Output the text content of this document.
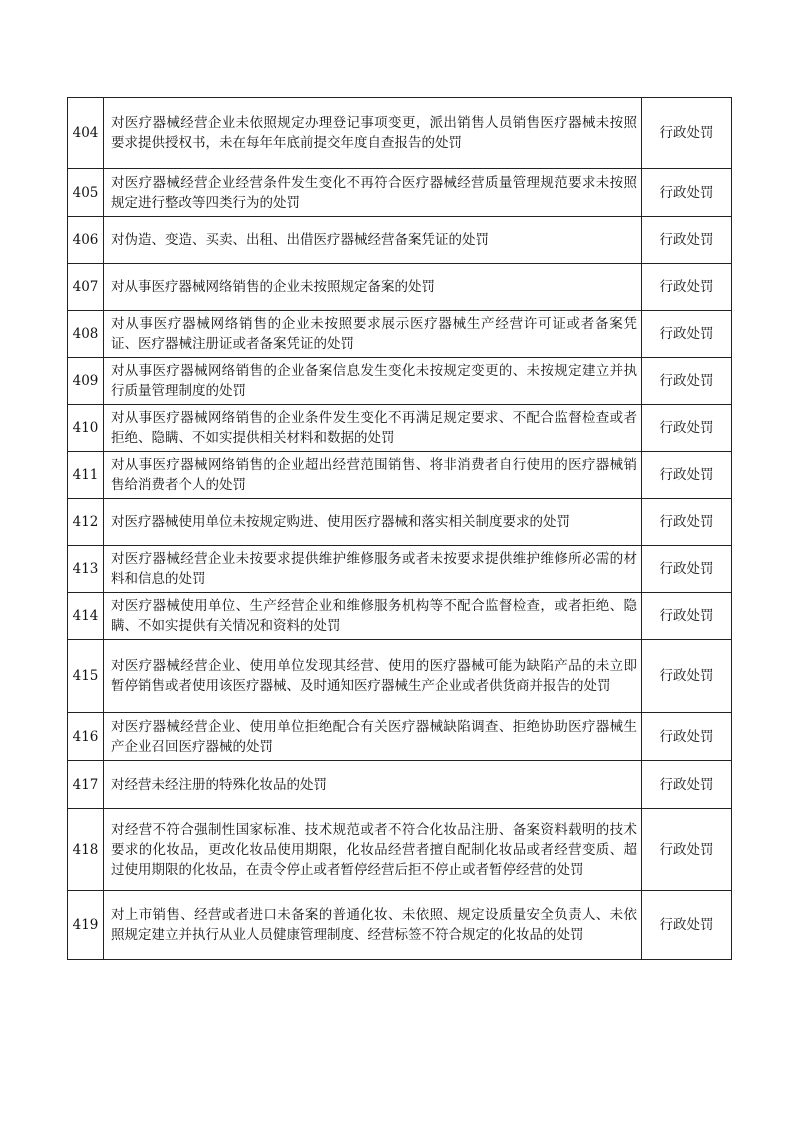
404	对医疗器械经营企业未依照规定办理登记事项变更，派出销售人员销售医疗器械未按照要求提供授权书，未在每年年底前提交年度自查报告的处罚	行政处罚
405	对医疗器械经营企业经营条件发生变化不再符合医疗器械经营质量管理规范要求未按照规定进行整改等四类行为的处罚	行政处罚
406	对伪造、变造、买卖、出租、出借医疗器械经营备案凭证的处罚	行政处罚
407	对从事医疗器械网络销售的企业未按照规定备案的处罚	行政处罚
408	对从事医疗器械网络销售的企业未按照要求展示医疗器械生产经营许可证或者备案凭证、医疗器械注册证或者备案凭证的处罚	行政处罚
409	对从事医疗器械网络销售的企业备案信息发生变化未按规定变更的、未按规定建立并执行质量管理制度的处罚	行政处罚
410	对从事医疗器械网络销售的企业条件发生变化不再满足规定要求、不配合监督检查或者拒绝、隐瞒、不如实提供相关材料和数据的处罚	行政处罚
411	对从事医疗器械网络销售的企业超出经营范围销售、将非消费者自行使用的医疗器械销售给消费者个人的处罚	行政处罚
412	对医疗器械使用单位未按规定购进、使用医疗器械和落实相关制度要求的处罚	行政处罚
413	对医疗器械经营企业未按要求提供维护维修服务或者未按要求提供维护维修所必需的材料和信息的处罚	行政处罚
414	对医疗器械使用单位、生产经营企业和维修服务机构等不配合监督检查，或者拒绝、隐瞒、不如实提供有关情况和资料的处罚	行政处罚
415	对医疗器械经营企业、使用单位发现其经营、使用的医疗器械可能为缺陷产品的未立即暂停销售或者使用该医疗器械、及时通知医疗器械生产企业或者供货商并报告的处罚	行政处罚
416	对医疗器械经营企业、使用单位拒绝配合有关医疗器械缺陷调查、拒绝协助医疗器械生产企业召回医疗器械的处罚	行政处罚
417	对经营未经注册的特殊化妆品的处罚	行政处罚
418	对经营不符合强制性国家标准、技术规范或者不符合化妆品注册、备案资料载明的技术要求的化妆品，更改化妆品使用期限，化妆品经营者擅自配制化妆品或者经营变质、超过使用期限的化妆品，在责令停止或者暂停经营后拒不停止或者暂停经营的处罚	行政处罚
419	对上市销售、经营或者进口未备案的普通化妆、未依照、规定设质量安全负责人、未依照规定建立并执行从业人员健康管理制度、经营标签不符合规定的化妆品的处罚	行政处罚
